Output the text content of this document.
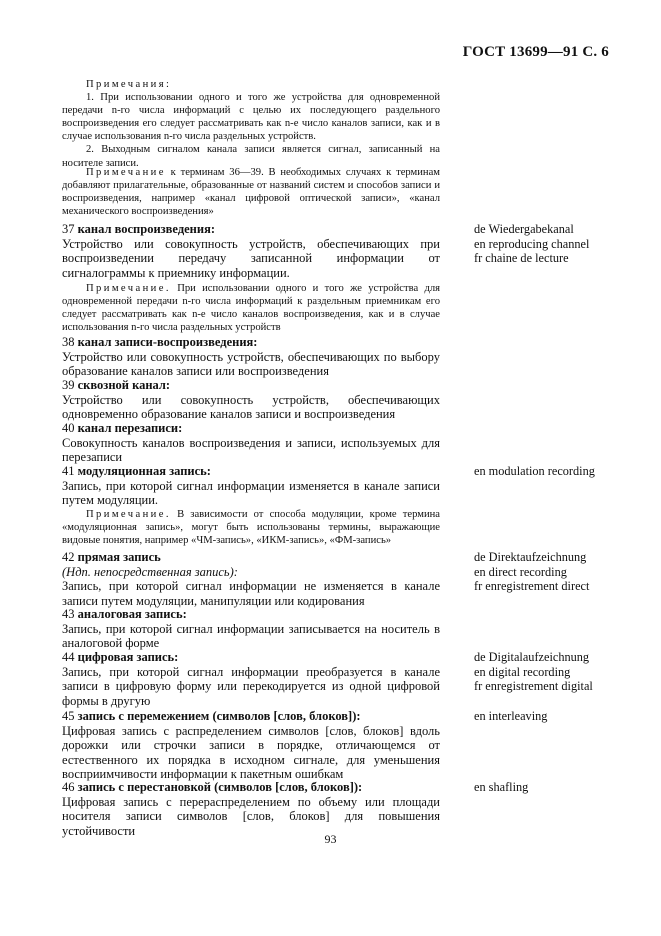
ГОСТ 13699—91 С. 6

Примечания:

1. При использовании одного и того же устройства для одновременной передачи n-го числа информаций с целью их последующего раздельного воспроизведения его следует рассматривать как n-е число каналов записи, как и в случае использования n-го числа раздельных устройств.

2. Выходным сигналом канала записи является сигнал, записанный на носителе записи.

Примечание к терминам 36—39. В необходимых случаях к терминам добавляют прилагательные, образованные от названий систем и способов записи и воспроизведения, например «канал цифровой оптической записи», «канал механического воспроизведения»

37 канал воспроизведения:

Устройство или совокупность устройств, обеспечивающих при воспроизведении передачу записанной информации от сигналограммы к приемнику информации.

Примечание. При использовании одного и того же устройства для одновременной передачи n-го числа информаций к раздельным приемникам его следует рассматривать как n-е число каналов воспроизведения, как и в случае использования n-го числа раздельных устройств

de Wiedergabekanal
en reproducing channel
fr chaine de lecture

38 канал записи-воспроизведения:

Устройство или совокупность устройств, обеспечивающих по выбору образование каналов записи или воспроизведения

39 сквозной канал:

Устройство или совокупность устройств, обеспечивающих одновременно образование каналов записи и воспроизведения

40 канал перезаписи:

Совокупность каналов воспроизведения и записи, используемых для перезаписи

41 модуляционная запись:

Запись, при которой сигнал информации изменяется в канале записи путем модуляции.

Примечание. В зависимости от способа модуляции, кроме термина «модуляционная запись», могут быть использованы термины, выражающие видовые понятия, например «ЧМ-запись», «ИКМ-запись», «ФМ-запись»

en modulation recording

42 прямая запись

(Ндп. непосредственная запись):

Запись, при которой сигнал информации не изменяется в канале записи путем модуляции, манипуляции или кодирования

de Direktaufzeichnung
en direct recording
fr enregistrement direct

43 аналоговая запись:

Запись, при которой сигнал информации записывается на носитель в аналоговой форме

44 цифровая запись:

Запись, при которой сигнал информации преобразуется в канале записи в цифровую форму или перекодируется из одной цифровой формы в другую

de Digitalaufzeichnung
en digital recording
fr enregistrement digital

45 запись с перемежением (символов [слов, блоков]):

Цифровая запись с распределением символов [слов, блоков] вдоль дорожки или строчки записи в порядке, отличающемся от естественного их порядка в исходном сигнале, для уменьшения восприимчивости информации к пакетным ошибкам

en interleaving

46 запись с перестановкой (символов [слов, блоков]):

Цифровая запись с перераспределением по объему или площади носителя записи символов [слов, блоков] для повышения устойчивости

en shafling
93
